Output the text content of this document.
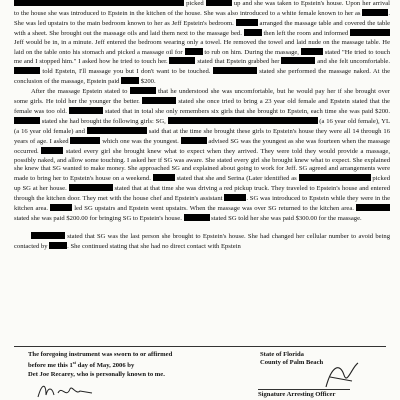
picked	up and she was taken to Epstein's house. Upon her arrival to the house she was introduced to Epstein in the kitchen of the house. She was also introduced to a white female known to her as	. She was led upstairs to the main bedroom known to her as Jeff Epstein's bedroom.	arranged the massage table and covered the table with a sheet. She brought out the massage oils and laid them next to the massage bed.	then left the room and informed  Jeff would be in, in a minute. Jeff entered the bedroom wearing only a towel. He removed the towel and laid nude on the massage table. He laid on the table onto his stomach and picked a massage oil for	to rub on him. During the massage,	stated "He tried to touch me and I stopped him." I asked how he tried to touch her.	stated that Epstein grabbed her	and she felt uncomfortable.  told Epstein, I'll massage you but I don't want to be touched.	stated she performed the massage naked. At the conclusion of the massage, Epstein paid	$200.

After the massage Epstein stated to	that he understood she was uncomfortable, but he would pay her if she brought over some girls. He told her the younger the better.	stated she once tried to bring a 23 year old female and Epstein stated that the female was too old.	stated that in total she only remembers six girls that she brought to Epstein, each time she was paid $200.  stated she had brought the following girls: SG,	(a 16 year old female), YL (a 16 year old female) and	said that at the time she brought these girls to Epstein's house they were all 14 through 16 years of age. I asked	which one was the youngest.	advised SG was the youngest as she was fourteen when the massage occurred.	stated every girl she brought knew what to expect when they arrived. They were told they would provide a massage, possibly naked, and allow some touching. I asked her if SG was aware. She stated every girl she brought knew what to expect. She explained she knew that SG wanted to make money. She approached SG and explained about going to work for Jeff. SG agreed and arrangements were made to bring her to Epstein's house on a weekend.	stated that she and Serina (Later identified as	picked up SG at her house.	stated that at that time she was driving a red pickup truck. They traveled to Epstein's house and entered through the kitchen door. They met with the house chef and Epstein's assistant	. SG was introduced to Epstein while they were in the kitchen area.	led SG upstairs and Epstein went upstairs. When the massage was over SG returned to the kitchen area.  stated she was paid $200.00 for bringing SG to Epstein's house.	stated SG told her she was paid $300.00 for the massage.

stated that SG was the last person she brought to Epstein's house. She had changed her cellular number to avoid being contacted by	. She continued stating that she had no direct contact with Epstein

The foregoing instrument was sworn to or affirmed
before me this 1st day of May, 2006 by
Det Joe Recarey, who is personally known to me.
State of Florida
County of Palm Beach
Signature Arresting Officer
